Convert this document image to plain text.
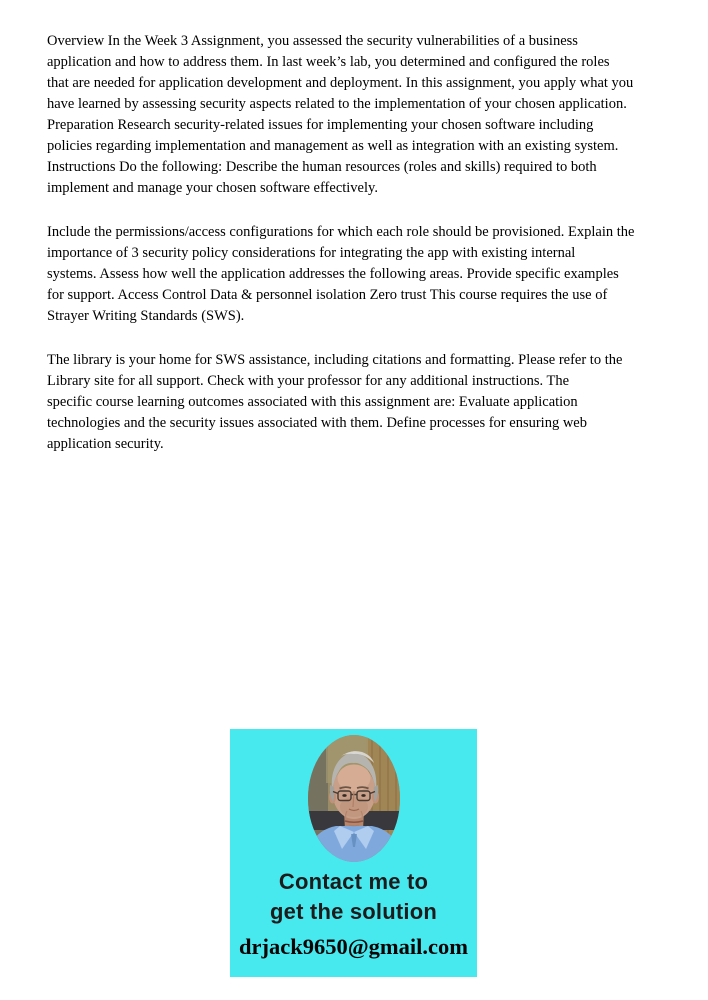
Overview In the Week 3 Assignment, you assessed the security vulnerabilities of a business
application and how to address them. In last week’s lab, you determined and configured the roles
that are needed for application development and deployment. In this assignment, you apply what you
have learned by assessing security aspects related to the implementation of your chosen application.
Preparation Research security-related issues for implementing your chosen software including
policies regarding implementation and management as well as integration with an existing system.
Instructions Do the following: Describe the human resources (roles and skills) required to both
implement and manage your chosen software effectively.
Include the permissions/access configurations for which each role should be provisioned. Explain the
importance of 3 security policy considerations for integrating the app with existing internal
systems. Assess how well the application addresses the following areas. Provide specific examples
for support. Access Control Data & personnel isolation Zero trust This course requires the use of
Strayer Writing Standards (SWS).
The library is your home for SWS assistance, including citations and formatting. Please refer to the
Library site for all support. Check with your professor for any additional instructions. The
specific course learning outcomes associated with this assignment are: Evaluate application
technologies and the security issues associated with them. Define processes for ensuring web
application security.
Contact me to
get the solution
drjack9650@gmail.com
